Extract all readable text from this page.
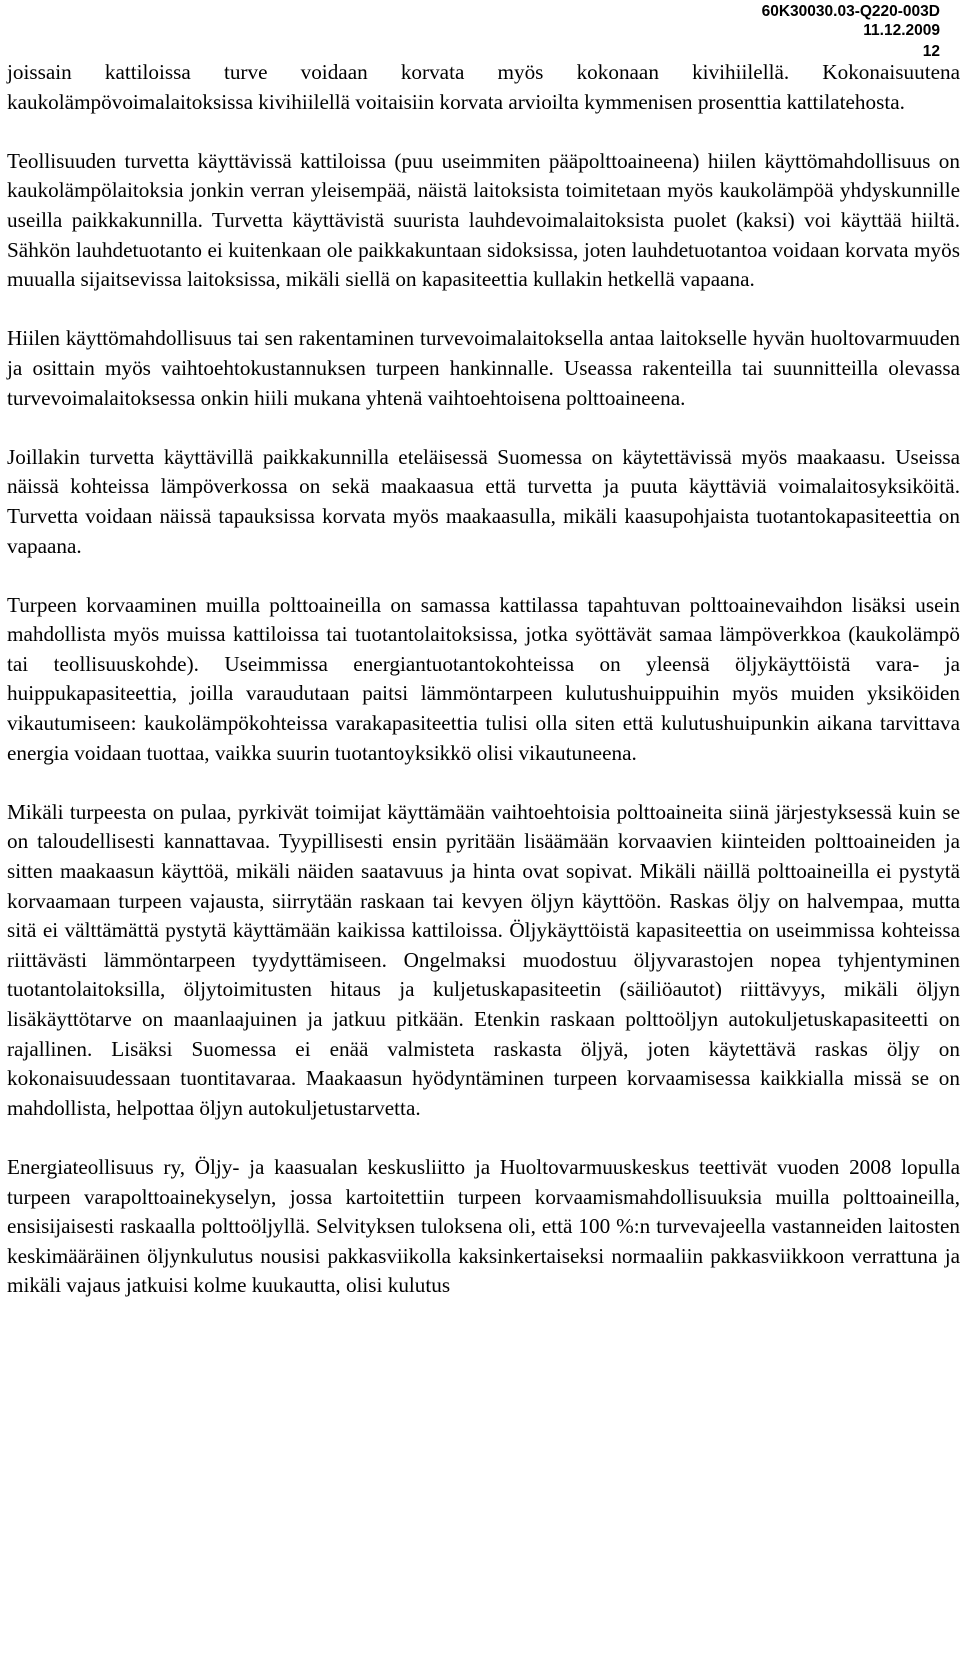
60K30030.03-Q220-003D
11.12.2009
12

joissain kattiloissa turve voidaan korvata myös kokonaan kivihiilellä. Kokonaisuutena kaukolämpövoimalaitoksissa kivihiilellä voitaisiin korvata arvioilta kymmenisen prosenttia kattilatehosta.

Teollisuuden turvetta käyttävissä kattiloissa (puu useimmiten pääpolttoaineena) hiilen käyttömahdollisuus on kaukolämpölaitoksia jonkin verran yleisempää, näistä laitoksista toimitetaan myös kaukolämpöä yhdyskunnille useilla paikkakunnilla. Turvetta käyttävistä suurista lauhdevoimalaitoksista puolet (kaksi) voi käyttää hiiltä. Sähkön lauhdetuotanto ei kuitenkaan ole paikkakuntaan sidoksissa, joten lauhdetuotantoa voidaan korvata myös muualla sijaitsevissa laitoksissa, mikäli siellä on kapasiteettia kullakin hetkellä vapaana.

Hiilen käyttömahdollisuus tai sen rakentaminen turvevoimalaitoksella antaa laitokselle hyvän huoltovarmuuden ja osittain myös vaihtoehtokustannuksen turpeen hankinnalle. Useassa rakenteilla tai suunnitteilla olevassa turvevoimalaitoksessa onkin hiili mukana yhtenä vaihtoehtoisena polttoaineena.

Joillakin turvetta käyttävillä paikkakunnilla eteläisessä Suomessa on käytettävissä myös maakaasu. Useissa näissä kohteissa lämpöverkossa on sekä maakaasua että turvetta ja puuta käyttäviä voimalaitosyksiköitä. Turvetta voidaan näissä tapauksissa korvata myös maakaasulla, mikäli kaasupohjaista tuotantokapasiteettia on vapaana.

Turpeen korvaaminen muilla polttoaineilla on samassa kattilassa tapahtuvan polttoainevaihdon lisäksi usein mahdollista myös muissa kattiloissa tai tuotantolaitoksissa, jotka syöttävät samaa lämpöverkkoa (kaukolämpö tai teollisuuskohde). Useimmissa energiantuotantokohteissa on yleensä öljykäyttöistä vara- ja huippukapasiteettia, joilla varaudutaan paitsi lämmöntarpeen kulutushuippuihin myös muiden yksiköiden vikautumiseen: kaukolämpökohteissa varakapasiteettia tulisi olla siten että kulutushuipunkin aikana tarvittava energia voidaan tuottaa, vaikka suurin tuotantoyksikkö olisi vikautuneena.

Mikäli turpeesta on pulaa, pyrkivät toimijat käyttämään vaihtoehtoisia polttoaineita siinä järjestyksessä kuin se on taloudellisesti kannattavaa. Tyypillisesti ensin pyritään lisäämään korvaavien kiinteiden polttoaineiden ja sitten maakaasun käyttöä, mikäli näiden saatavuus ja hinta ovat sopivat. Mikäli näillä polttoaineilla ei pystytä korvaamaan turpeen vajausta, siirrytään raskaan tai kevyen öljyn käyttöön. Raskas öljy on halvempaa, mutta sitä ei välttämättä pystytä käyttämään kaikissa kattiloissa. Öljykäyttöistä kapasiteettia on useimmissa kohteissa riittävästi lämmöntarpeen tyydyttämiseen. Ongelmaksi muodostuu öljyvarastojen nopea tyhjentyminen tuotantolaitoksilla, öljytoimitusten hitaus ja kuljetuskapasiteetin (säiliöautot) riittävyys, mikäli öljyn lisäkäyttötarve on maanlaajuinen ja jatkuu pitkään. Etenkin raskaan polttoöljyn autokuljetuskapasiteetti on rajallinen. Lisäksi Suomessa ei enää valmisteta raskasta öljyä, joten käytettävä raskas öljy on kokonaisuudessaan tuontitavaraa. Maakaasun hyödyntäminen turpeen korvaamisessa kaikkialla missä se on mahdollista, helpottaa öljyn autokuljetustarvetta.

Energiateollisuus ry, Öljy- ja kaasualan keskusliitto ja Huoltovarmuuskeskus teettivät vuoden 2008 lopulla turpeen varapolttoainekyselyn, jossa kartoitettiin turpeen korvaamismahdollisuuksia muilla polttoaineilla, ensisijaisesti raskaalla polttoöljyllä. Selvityksen tuloksena oli, että 100 %:n turvevajeella vastanneiden laitosten keskimääräinen öljynkulutus nousisi pakkasviikolla kaksinkertaiseksi normaaliin pakkasviikkoon verrattuna ja mikäli vajaus jatkuisi kolme kuukautta, olisi kulutus
